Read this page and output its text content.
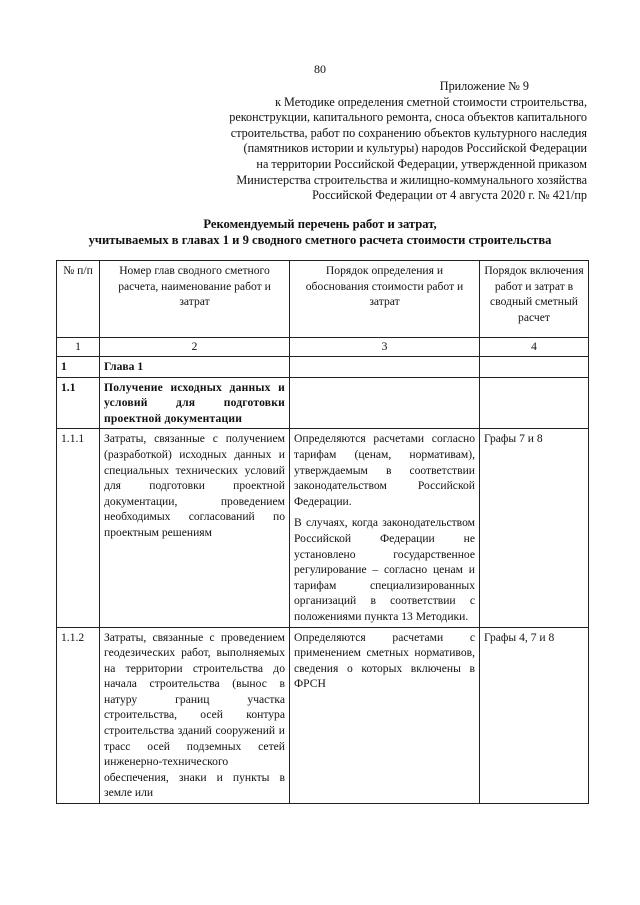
80
Приложение № 9
к Методике определения сметной стоимости строительства,
реконструкции, капитального ремонта, сноса объектов капитального
строительства, работ по сохранению объектов культурного наследия
(памятников истории и культуры) народов Российской Федерации
на территории Российской Федерации, утвержденной приказом
Министерства строительства и жилищно-коммунального хозяйства
Российской Федерации от 4 августа 2020 г. № 421/пр
Рекомендуемый перечень работ и затрат,
учитываемых в главах 1 и 9 сводного сметного расчета стоимости строительства
№ п/п	Номер глав сводного сметного расчета, наименование работ и затрат	Порядок определения и обоснования стоимости работ и затрат	Порядок включения работ и затрат в сводный сметный расчет
1	2	3	4
1	Глава 1		
1.1	Получение исходных данных и условий для подготовки проектной документации		
1.1.1	Затраты, связанные с получением (разработкой) исходных данных и специальных технических условий для подготовки проектной документации, проведением необходимых согласований по проектным решениям	Определяются расчетами согласно тарифам (ценам, нормативам), утверждаемым в соответствии законодательством Российской Федерации.
В случаях, когда законодательством Российской Федерации не установлено государственное регулирование – согласно ценам и тарифам специализированных организаций в соответствии с положениями пункта 13 Методики.	Графы 7 и 8
1.1.2	Затраты, связанные с проведением геодезических работ, выполняемых на территории строительства до начала строительства (вынос в натуру границ участка строительства, осей контура строительства зданий сооружений и трасс осей подземных сетей инженерно-технического обеспечения, знаки и пункты в земле или	Определяются расчетами с применением сметных нормативов, сведения о которых включены в ФРСН	Графы 4, 7 и 8
